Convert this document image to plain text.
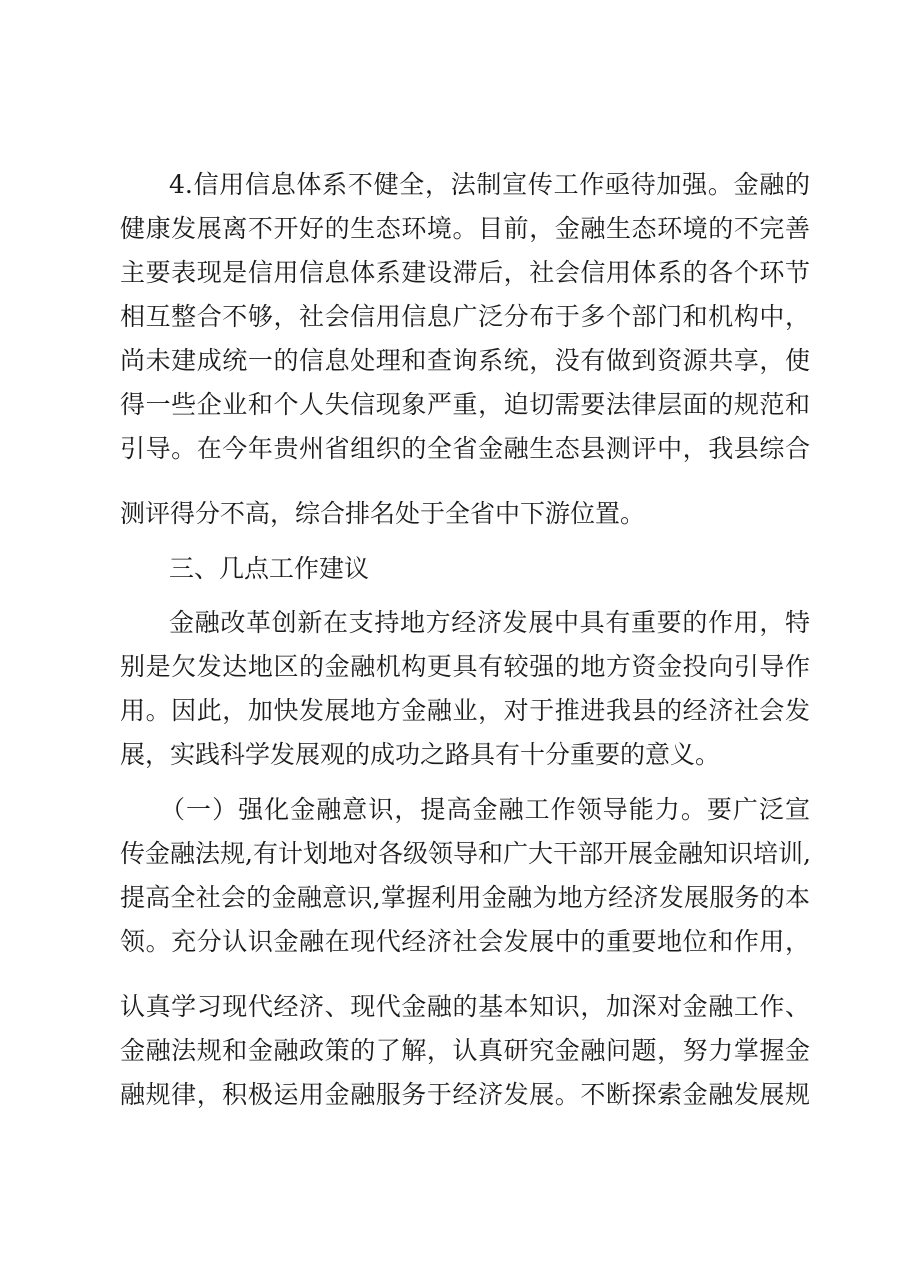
4.信用信息体系不健全，法制宣传工作亟待加强。金融的
健康发展离不开好的生态环境。目前，金融生态环境的不完善
主要表现是信用信息体系建设滞后，社会信用体系的各个环节
相互整合不够，社会信用信息广泛分布于多个部门和机构中，
尚未建成统一的信息处理和查询系统，没有做到资源共享，使
得一些企业和个人失信现象严重，迫切需要法律层面的规范和
引导。在今年贵州省组织的全省金融生态县测评中，我县综合
测评得分不高，综合排名处于全省中下游位置。
三、几点工作建议
金融改革创新在支持地方经济发展中具有重要的作用，特
别是欠发达地区的金融机构更具有较强的地方资金投向引导作
用。因此，加快发展地方金融业，对于推进我县的经济社会发
展，实践科学发展观的成功之路具有十分重要的意义。
（一）强化金融意识，提高金融工作领导能力。要广泛宣
传金融法规,有计划地对各级领导和广大干部开展金融知识培训,
提高全社会的金融意识,掌握利用金融为地方经济发展服务的本
领。充分认识金融在现代经济社会发展中的重要地位和作用，
认真学习现代经济、现代金融的基本知识，加深对金融工作、
金融法规和金融政策的了解，认真研究金融问题，努力掌握金
融规律，积极运用金融服务于经济发展。不断探索金融发展规
